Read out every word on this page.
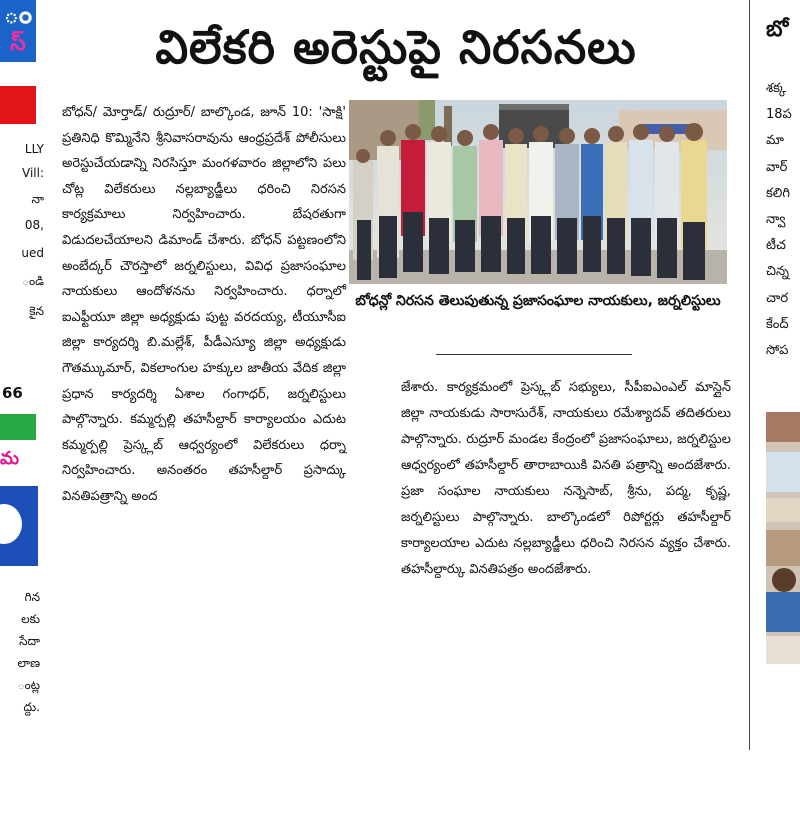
ం
స్
LLY
Vill:
నా
08,
ued
ండి
కైన
66
మ
గిన
లకు
సేదా
లాణ
ంట్ల
ద్దు.
విలేకరి అరెస్టుపై నిరసనలు
బోధన్/ మోర్తాడ్/ రుద్రూర్/ బాల్కొండ, జూన్ 10: 'సాక్షి' ప్రతినిధి కొమ్మినేని శ్రీనివాసరావును ఆంధ్రప్రదేశ్ పోలీసులు అరెస్టుచేయడాన్ని నిరసిస్తూ మంగళవారం జిల్లాలోని పలు చోట్ల విలేకరులు నల్లబ్యాడ్జీలు ధరించి నిరసన కార్యక్రమాలు నిర్వహించారు. బేషరతుగా విడుదలచేయాలని డిమాండ్ చేశారు. బోధన్ పట్టణంలోని అంబేద్కర్ చౌరస్తాలో జర్నలిస్టులు, వివిధ ప్రజాసంఘాల నాయకులు ఆందోళనను నిర్వహించారు. ధర్నాలో ఐఎఫ్టీయూ జిల్లా అధ్యక్షుడు పుట్ట వరదయ్య, టీయూసీఐ జిల్లా కార్యదర్శి బి.మల్లేశ్, పీడీఎస్యూ జిల్లా అధ్యక్షుడు గౌతమ్కుమార్, వికలాంగుల హక్కుల జాతీయ వేదిక జిల్లా ప్రధాన కార్యదర్శి ఏశాల గంగాధర్, జర్నలిస్టులు పాల్గొన్నారు. కమ్మర్పల్లి తహసీల్దార్ కార్యాలయం ఎదుట కమ్మర్పల్లి ప్రెస్క్లబ్ ఆధ్వర్యంలో విలేకరులు ధర్నా నిర్వహించారు. అనంతరం తహసీల్దార్ ప్రసాద్కు వినతిపత్రాన్ని అంద
బోధన్లో నిరసన తెలుపుతున్న ప్రజాసంఘాల నాయకులు, జర్నలిస్టులు
జేశారు. కార్యక్రమంలో ప్రెస్క్లబ్ సభ్యులు, సీపీఐఎంఎల్ మాస్లైన్ జిల్లా నాయకుడు సారాసురేశ్, నాయకులు రమేశ్యాదవ్ తదితరులు పాల్గొన్నారు. రుద్రూర్ మండల కేంద్రంలో ప్రజాసంఘాలు, జర్నలిస్టుల ఆధ్వర్యంలో తహసీల్దార్ తారాబాయికి వినతి పత్రాన్ని అందజేశారు. ప్రజా సంఘాల నాయకులు నన్నెసాబ్, శ్రీను, పద్మ, కృష్ణ, జర్నలిస్టులు పాల్గొన్నారు. బాల్కొండలో రిపోర్టర్లు తహసీల్దార్ కార్యాలయాల ఎదుట నల్లబ్యాడ్జీలు ధరించి నిరసన వ్యక్తం చేశారు. తహసీల్దార్కు వినతిపత్రం అందజేశారు.
బో
శక్క
18ప
మా
వార్
కలిగి
న్వా
టీచ
చిన్న
చార
కేంద్
సోప
